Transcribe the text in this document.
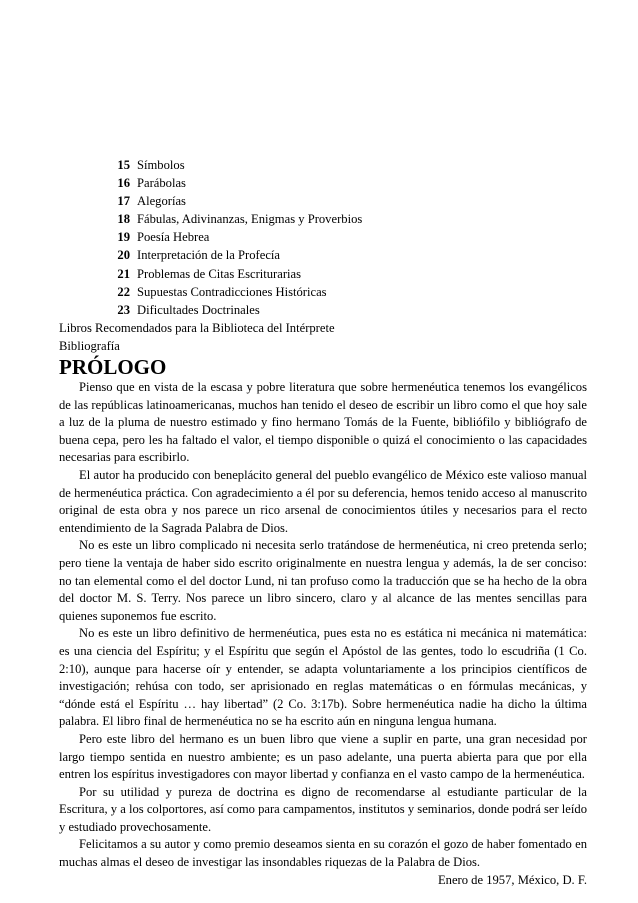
15 Símbolos
16 Parábolas
17 Alegorías
18 Fábulas, Adivinanzas, Enigmas y Proverbios
19 Poesía Hebrea
20 Interpretación de la Profecía
21 Problemas de Citas Escriturarias
22 Supuestas Contradicciones Históricas
23 Dificultades Doctrinales
Libros Recomendados para la Biblioteca del Intérprete
Bibliografía
PRÓLOGO

Pienso que en vista de la escasa y pobre literatura que sobre hermenéutica tenemos los evangélicos de las repúblicas latinoamericanas, muchos han tenido el deseo de escribir un libro como el que hoy sale a luz de la pluma de nuestro estimado y fino hermano Tomás de la Fuente, bibliófilo y bibliógrafo de buena cepa, pero les ha faltado el valor, el tiempo disponible o quizá el conocimiento o las capacidades necesarias para escribirlo.

El autor ha producido con beneplácito general del pueblo evangélico de México este valioso manual de hermenéutica práctica. Con agradecimiento a él por su deferencia, hemos tenido acceso al manuscrito original de esta obra y nos parece un rico arsenal de conocimientos útiles y necesarios para el recto entendimiento de la Sagrada Palabra de Dios.

No es este un libro complicado ni necesita serlo tratándose de hermenéutica, ni creo pretenda serlo; pero tiene la ventaja de haber sido escrito originalmente en nuestra lengua y además, la de ser conciso: no tan elemental como el del doctor Lund, ni tan profuso como la traducción que se ha hecho de la obra del doctor M. S. Terry. Nos parece un libro sincero, claro y al alcance de las mentes sencillas para quienes suponemos fue escrito.

No es este un libro definitivo de hermenéutica, pues esta no es estática ni mecánica ni matemática: es una ciencia del Espíritu; y el Espíritu que según el Apóstol de las gentes, todo lo escudriña (1 Co. 2:10), aunque para hacerse oír y entender, se adapta voluntariamente a los principios científicos de investigación; rehúsa con todo, ser aprisionado en reglas matemáticas o en fórmulas mecánicas, y “dónde está el Espíritu … hay libertad” (2 Co. 3:17b). Sobre hermenéutica nadie ha dicho la última palabra. El libro final de hermenéutica no se ha escrito aún en ninguna lengua humana.

Pero este libro del hermano es un buen libro que viene a suplir en parte, una gran necesidad por largo tiempo sentida en nuestro ambiente; es un paso adelante, una puerta abierta para que por ella entren los espíritus investigadores con mayor libertad y confianza en el vasto campo de la hermenéutica.

Por su utilidad y pureza de doctrina es digno de recomendarse al estudiante particular de la Escritura, y a los colportores, así como para campamentos, institutos y seminarios, donde podrá ser leído y estudiado provechosamente.

Felicitamos a su autor y como premio deseamos sienta en su corazón el gozo de haber fomentado en muchas almas el deseo de investigar las insondables riquezas de la Palabra de Dios.

Enero de 1957, México, D. F.
